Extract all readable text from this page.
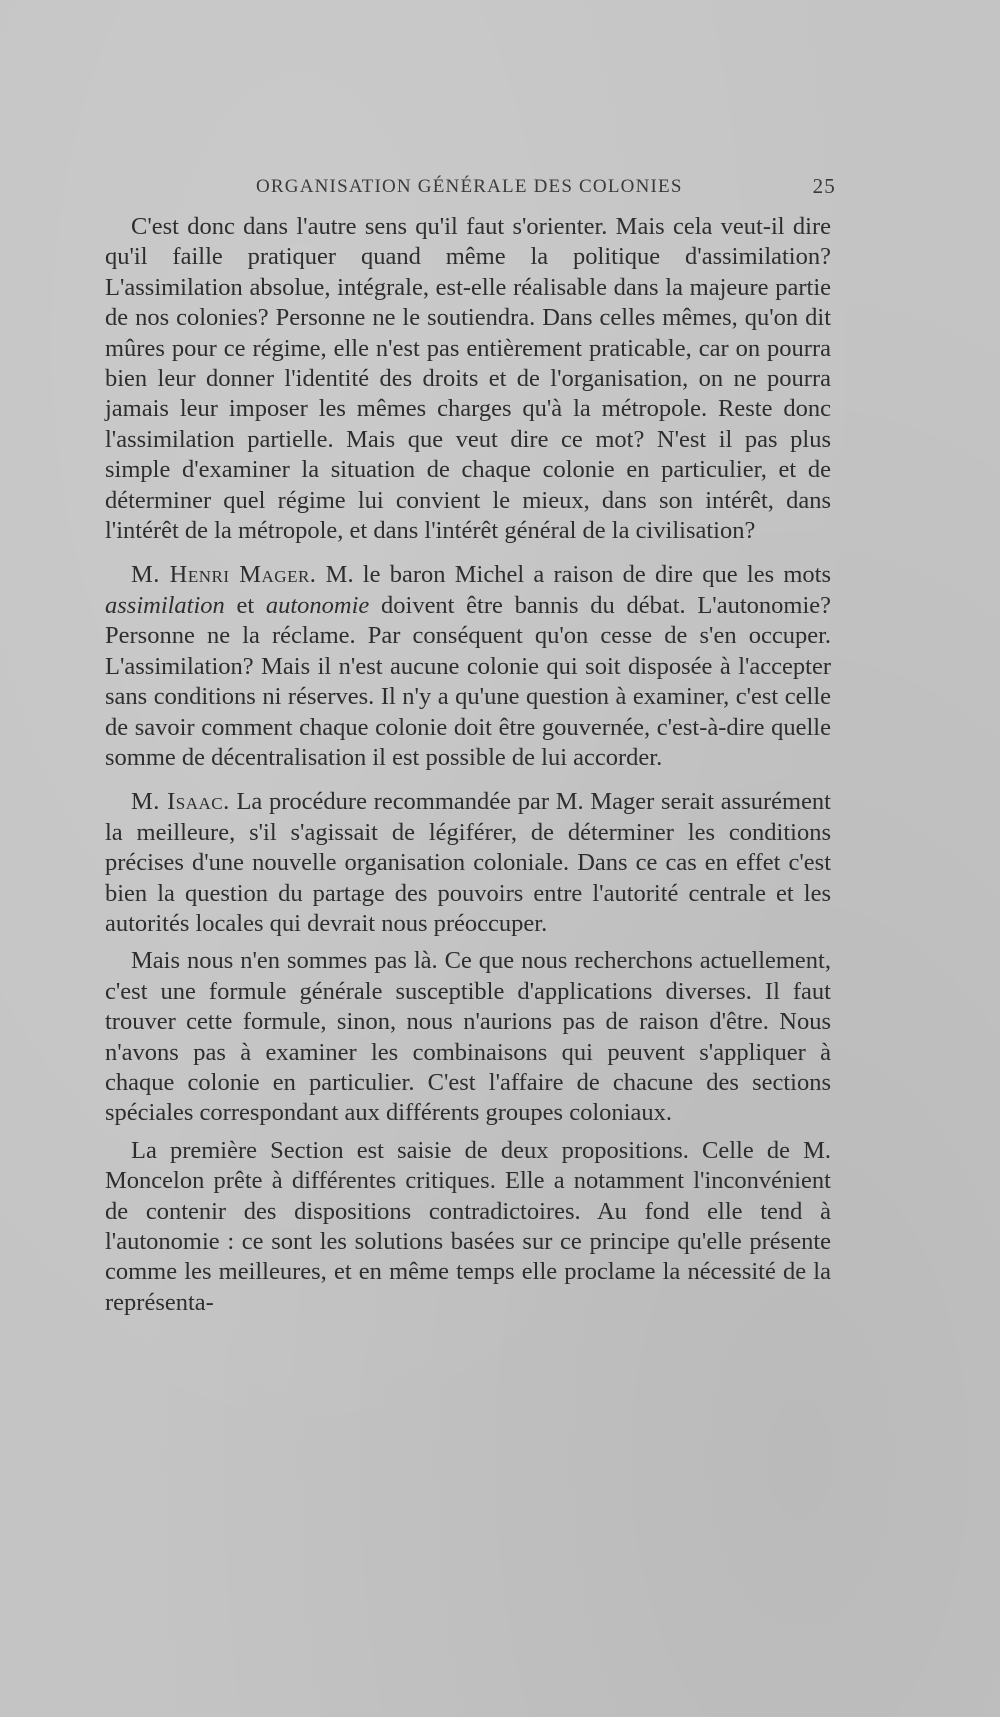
ORGANISATION GÉNÉRALE DES COLONIES	25

C'est donc dans l'autre sens qu'il faut s'orienter. Mais cela veut-il dire qu'il faille pratiquer quand même la politique d'assimilation? L'assimilation absolue, intégrale, est-elle réalisable dans la majeure partie de nos colonies? Personne ne le soutiendra. Dans celles mêmes, qu'on dit mûres pour ce régime, elle n'est pas entièrement praticable, car on pourra bien leur donner l'identité des droits et de l'organisation, on ne pourra jamais leur imposer les mêmes charges qu'à la métropole. Reste donc l'assimilation partielle. Mais que veut dire ce mot? N'est il pas plus simple d'examiner la situation de chaque colonie en particulier, et de déterminer quel régime lui convient le mieux, dans son intérêt, dans l'intérêt de la métropole, et dans l'intérêt général de la civilisation?

M. Henri Mager. M. le baron Michel a raison de dire que les mots assimilation et autonomie doivent être bannis du débat. L'autonomie? Personne ne la réclame. Par conséquent qu'on cesse de s'en occuper. L'assimilation? Mais il n'est aucune colonie qui soit disposée à l'accepter sans conditions ni réserves. Il n'y a qu'une question à examiner, c'est celle de savoir comment chaque colonie doit être gouvernée, c'est-à-dire quelle somme de décentralisation il est possible de lui accorder.

M. Isaac. La procédure recommandée par M. Mager serait assurément la meilleure, s'il s'agissait de légiférer, de déterminer les conditions précises d'une nouvelle organisation coloniale. Dans ce cas en effet c'est bien la question du partage des pouvoirs entre l'autorité centrale et les autorités locales qui devrait nous préoccuper.

Mais nous n'en sommes pas là. Ce que nous recherchons actuellement, c'est une formule générale susceptible d'applications diverses. Il faut trouver cette formule, sinon, nous n'aurions pas de raison d'être. Nous n'avons pas à examiner les combinaisons qui peuvent s'appliquer à chaque colonie en particulier. C'est l'affaire de chacune des sections spéciales correspondant aux différents groupes coloniaux.

La première Section est saisie de deux propositions. Celle de M. Moncelon prête à différentes critiques. Elle a notamment l'inconvénient de contenir des dispositions contradictoires. Au fond elle tend à l'autonomie : ce sont les solutions basées sur ce principe qu'elle présente comme les meilleures, et en même temps elle proclame la nécessité de la représenta-
